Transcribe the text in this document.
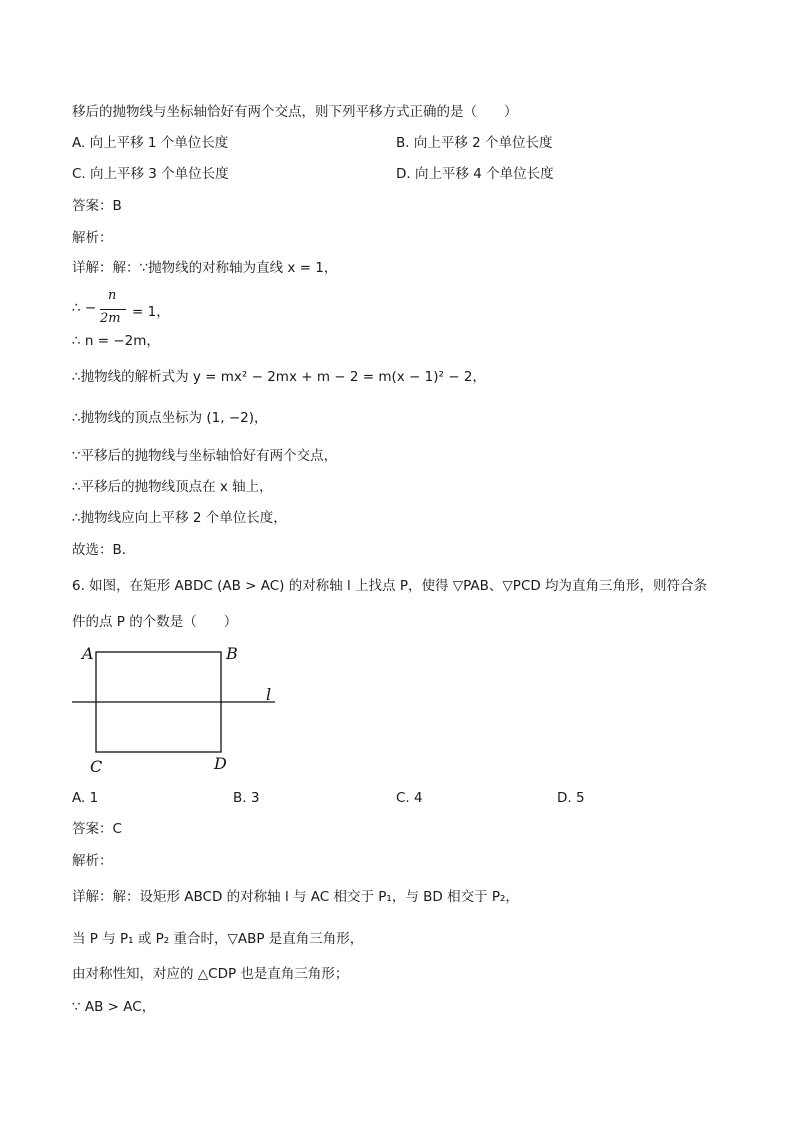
移后的抛物线与坐标轴恰好有两个交点，则下列平移方式正确的是（　　）
A. 向上平移 1 个单位长度	B. 向上平移 2 个单位长度
C. 向上平移 3 个单位长度	D. 向上平移 4 个单位长度
答案：B
解析：
详解：解：∵抛物线的对称轴为直线 x = 1，
∴ −
n
2m = 1，
∴ n = −2m，
∴抛物线的解析式为 y = mx² − 2mx + m − 2 = m(x − 1)² − 2，
∴抛物线的顶点坐标为 (1, −2)，
∵平移后的抛物线与坐标轴恰好有两个交点，
∴平移后的抛物线顶点在 x 轴上，
∴抛物线应向上平移 2 个单位长度，
故选：B．
6. 如图，在矩形 ABDC (AB > AC) 的对称轴 l 上找点 P，使得 ▽PAB、▽PCD 均为直角三角形，则符合条
件的点 P 的个数是（　　）
A	B
C	D
l
A. 1	B. 3	C. 4	D. 5
答案：C
解析：
详解：解：设矩形 ABCD 的对称轴 l 与 AC 相交于 P₁，与 BD 相交于 P₂，
当 P 与 P₁ 或 P₂ 重合时，▽ABP 是直角三角形，
由对称性知，对应的 △CDP 也是直角三角形；
∵ AB > AC，
